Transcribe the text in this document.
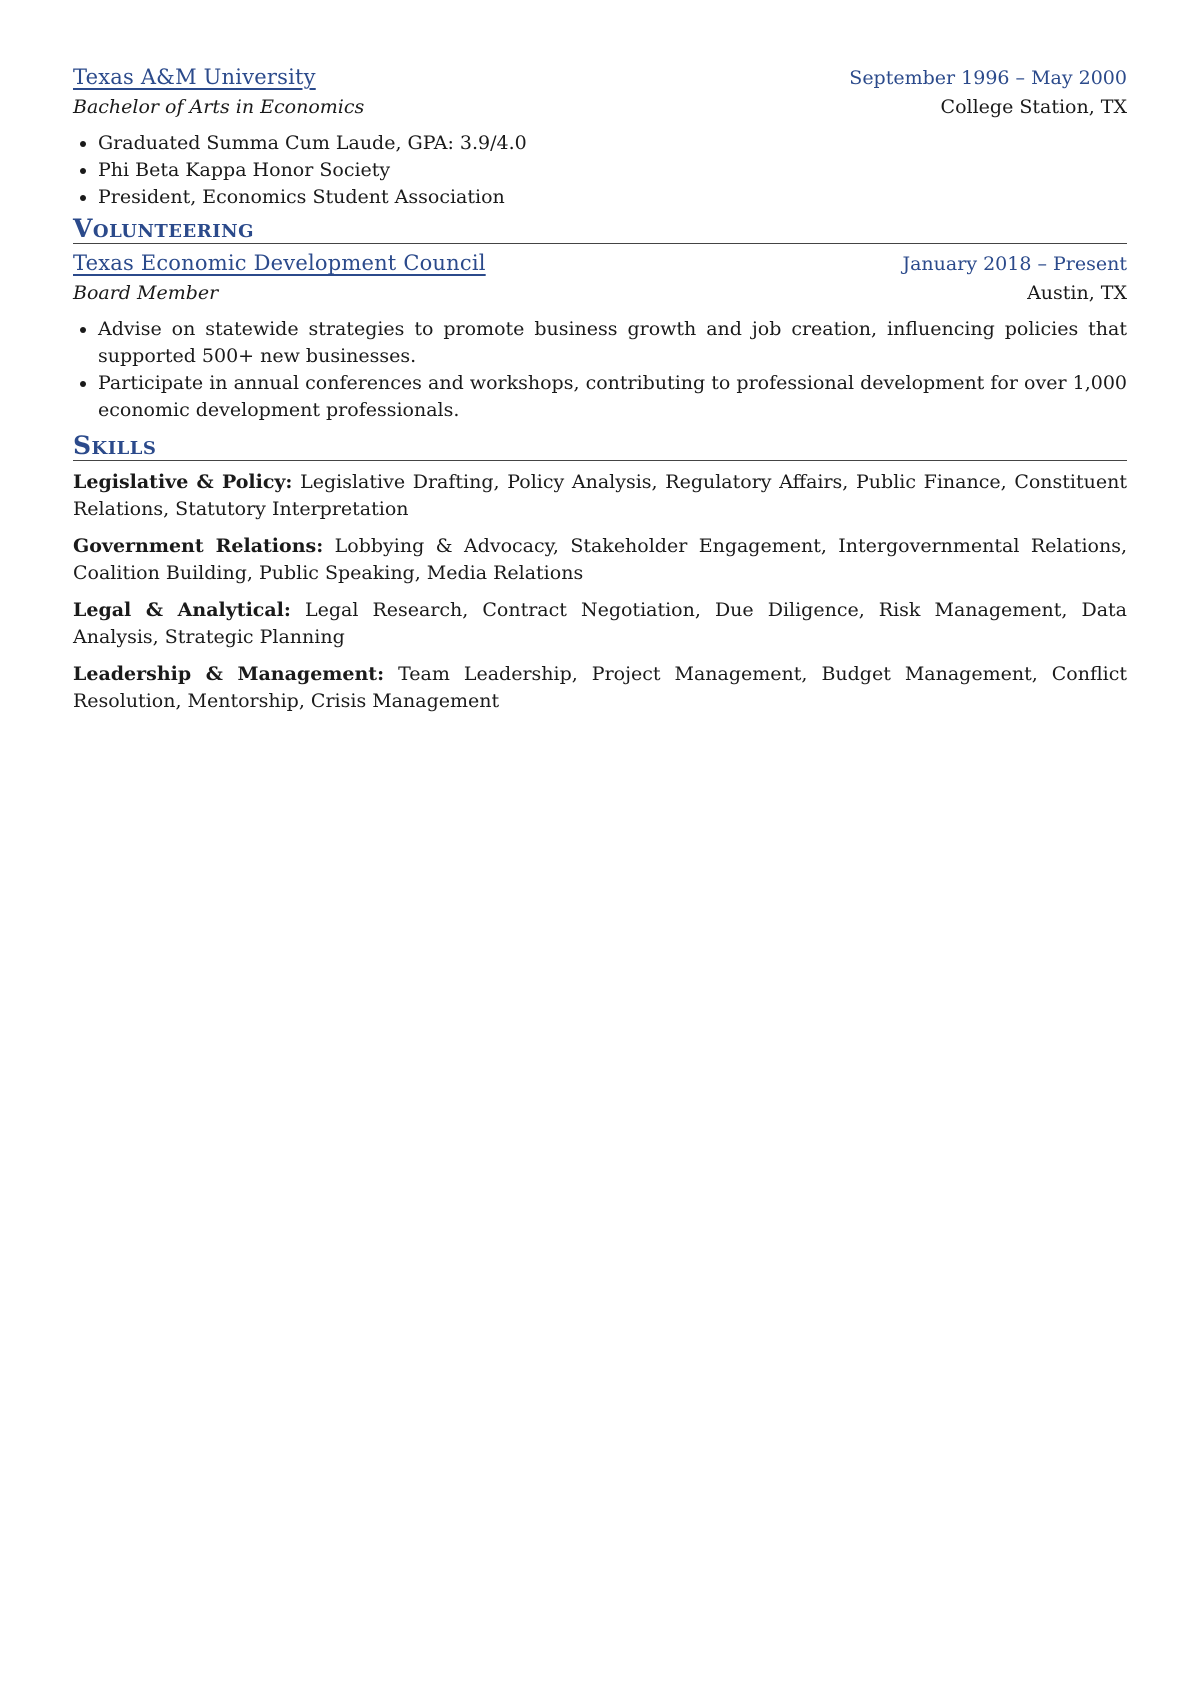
Texas A&M University	September 1996 – May 2000
Bachelor of Arts in Economics	College Station, TX
• Graduated Summa Cum Laude, GPA: 3.9/4.0
• Phi Beta Kappa Honor Society
• President, Economics Student Association
Volunteering
Texas Economic Development Council	January 2018 – Present
Board Member	Austin, TX
• Advise on statewide strategies to promote business growth and job creation, influencing policies that supported 500+ new businesses.
• Participate in annual conferences and workshops, contributing to professional development for over 1,000 economic development professionals.
Skills
Legislative & Policy: Legislative Drafting, Policy Analysis, Regulatory Affairs, Public Finance, Constituent Relations, Statutory Interpretation
Government Relations: Lobbying & Advocacy, Stakeholder Engagement, Intergovernmental Relations, Coalition Building, Public Speaking, Media Relations
Legal & Analytical: Legal Research, Contract Negotiation, Due Diligence, Risk Management, Data Analysis, Strategic Planning
Leadership & Management: Team Leadership, Project Management, Budget Management, Conflict Resolution, Mentorship, Crisis Management
